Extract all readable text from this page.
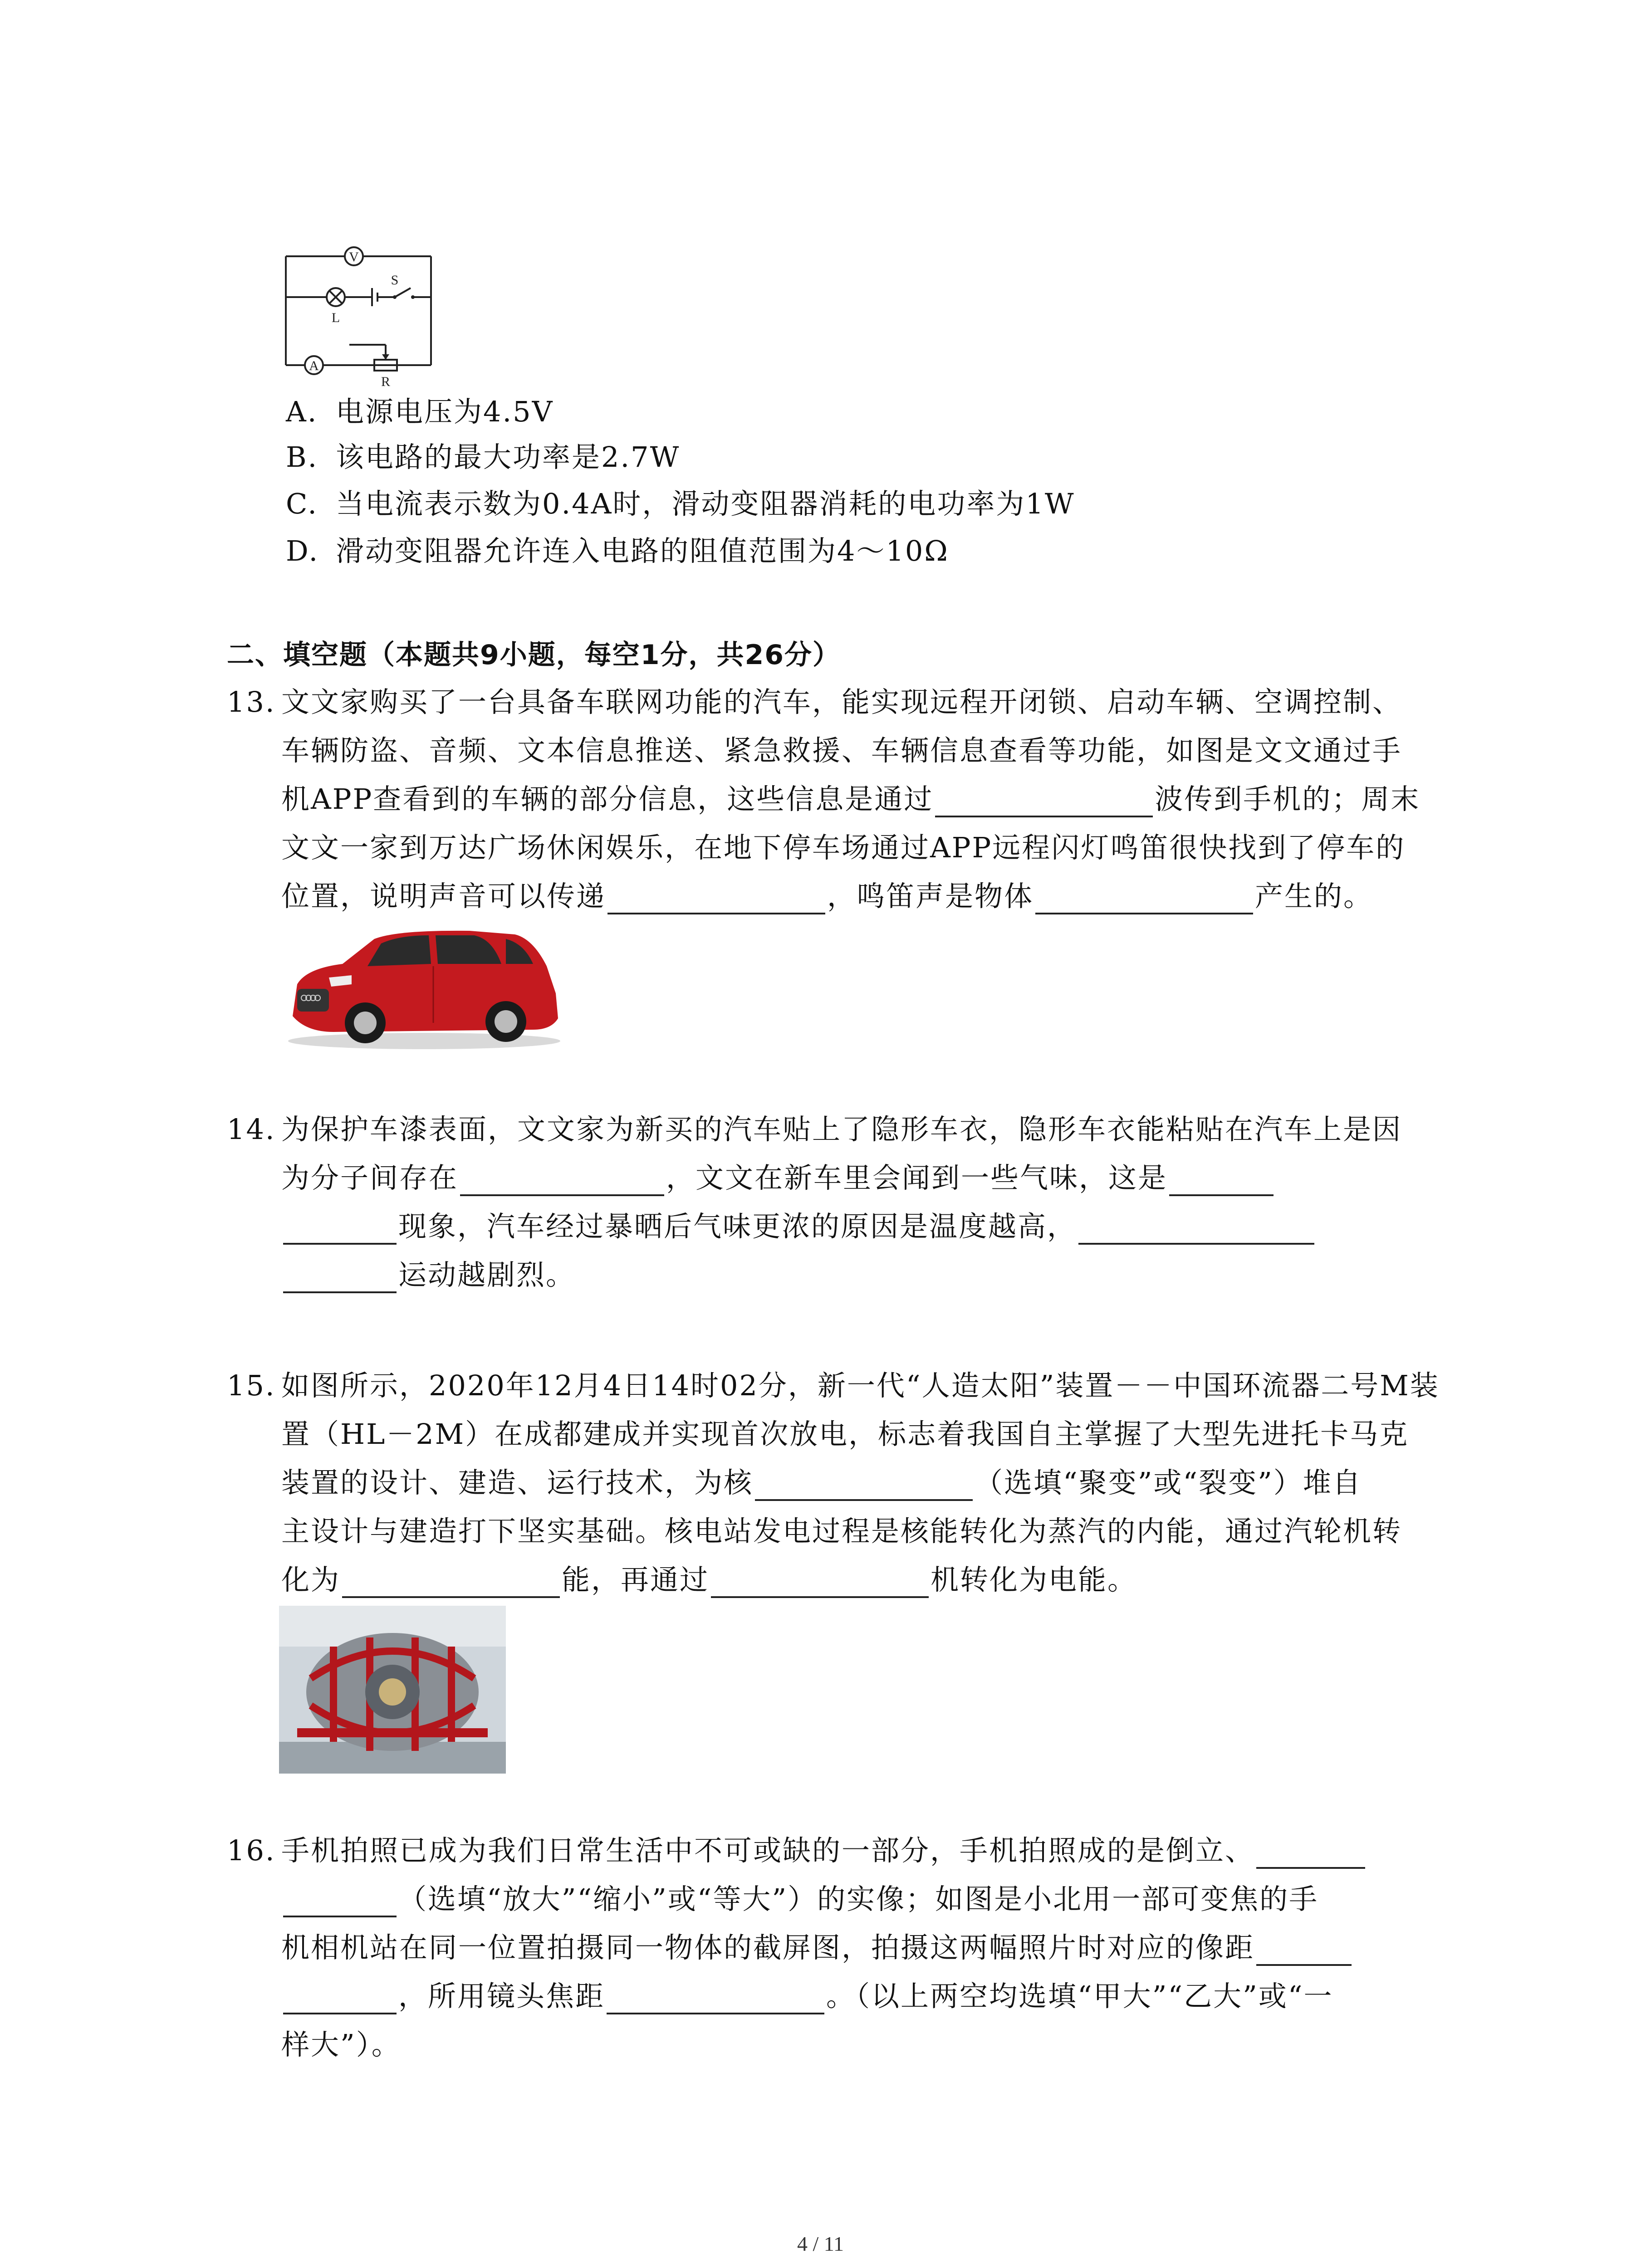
V
A
S
L
R
A. 电源电压为4.5V
B. 该电路的最大功率是2.7W
C. 当电流表示数为0.4A时，滑动变阻器消耗的电功率为1W
D. 滑动变阻器允许连入电路的阻值范围为4～10Ω
二、填空题（本题共9小题，每空1分，共26分）
13. 文文家购买了一台具备车联网功能的汽车，能实现远程开闭锁、启动车辆、空调控制、
车辆防盗、音频、文本信息推送、紧急救援、车辆信息查看等功能，如图是文文通过手
机APP查看到的车辆的部分信息，这些信息是通过	波传到手机的；周末
文文一家到万达广场休闲娱乐，在地下停车场通过APP远程闪灯鸣笛很快找到了停车的
位置，说明声音可以传递	，鸣笛声是物体	产生的。
14. 为保护车漆表面，文文家为新买的汽车贴上了隐形车衣，隐形车衣能粘贴在汽车上是因
为分子间存在	，文文在新车里会闻到一些气味，这是
现象，汽车经过暴晒后气味更浓的原因是温度越高，
运动越剧烈。
15. 如图所示，2020年12月4日14时02分，新一代“人造太阳”装置－－中国环流器二号M装
置（HL－2M）在成都建成并实现首次放电，标志着我国自主掌握了大型先进托卡马克
装置的设计、建造、运行技术，为核	（选填“聚变”或“裂变”）堆自
主设计与建造打下坚实基础。核电站发电过程是核能转化为蒸汽的内能，通过汽轮机转
化为	能，再通过	机转化为电能。
16. 手机拍照已成为我们日常生活中不可或缺的一部分，手机拍照成的是倒立、
（选填“放大”“缩小”或“等大”）的实像；如图是小北用一部可变焦的手
机相机站在同一位置拍摄同一物体的截屏图，拍摄这两幅照片时对应的像距
，所用镜头焦距	。（以上两空均选填“甲大”“乙大”或“一
样大”）。
4 / 11
